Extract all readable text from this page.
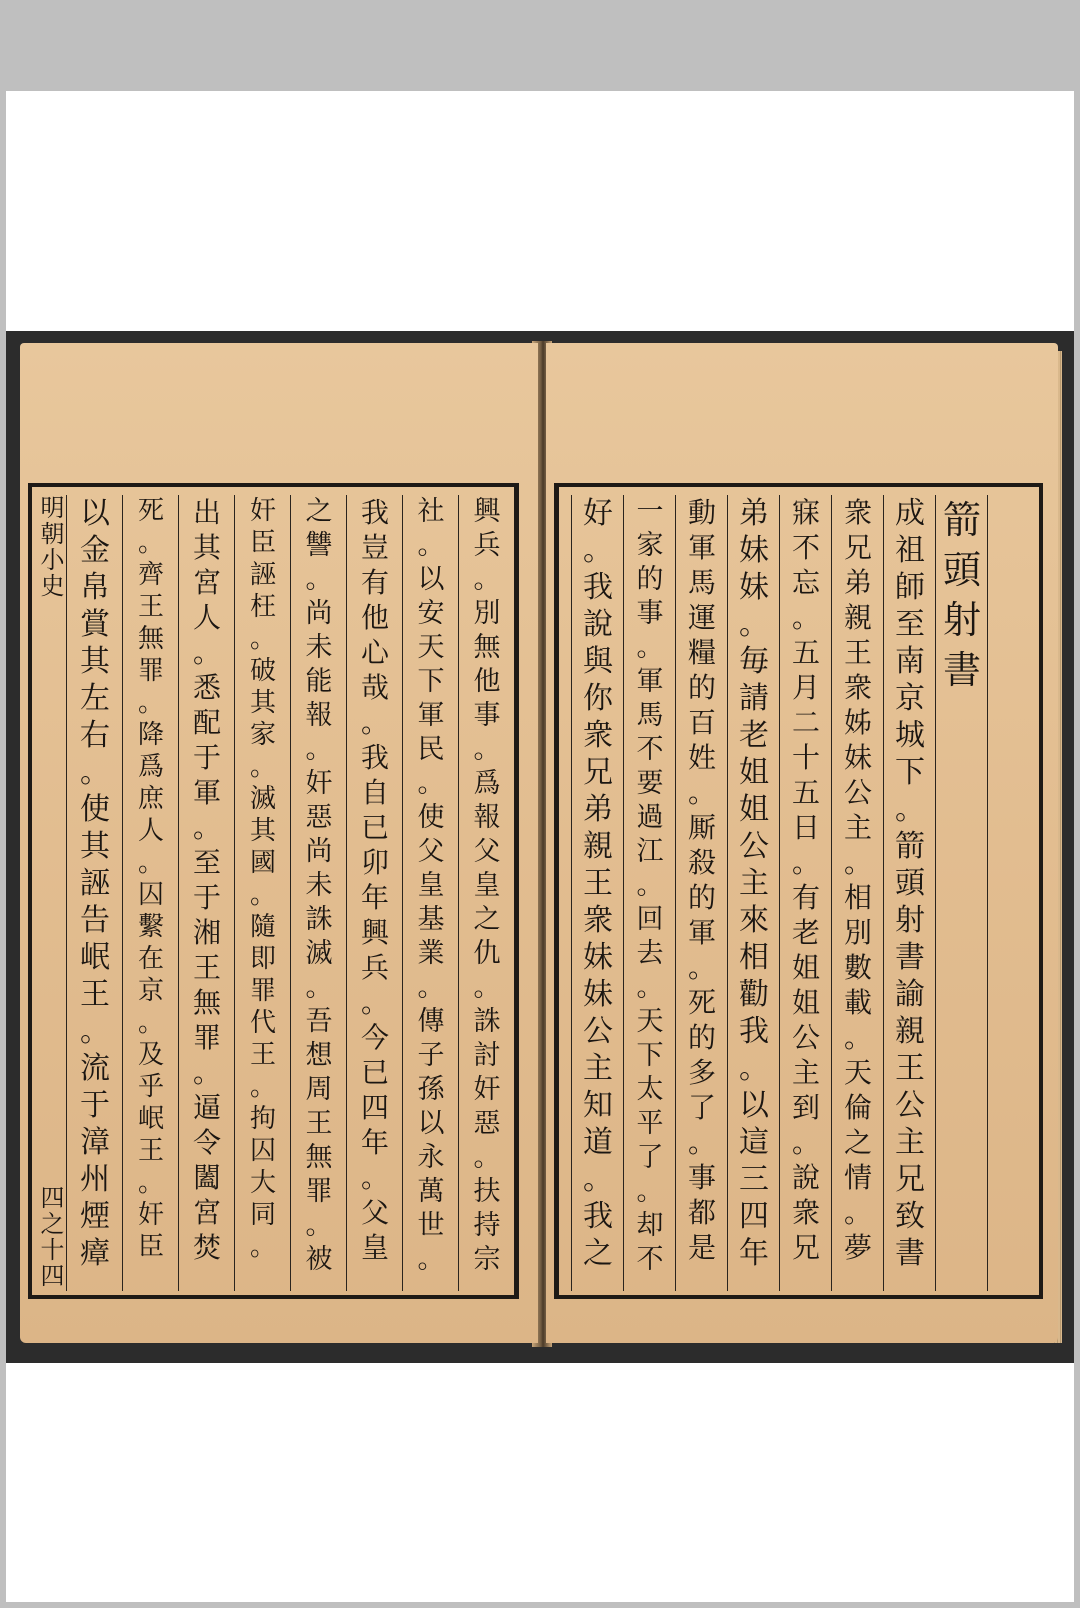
明朝小史
四之十四
興
兵
。
別
無
他
事
。
爲
報
父
皇
之
仇
。
誅
討
奸
惡
。
扶
持
宗
社
。
以
安
天
下
軍
民
。
使
父
皇
基
業
。
傳
子
孫
以
永
萬
世
。
我
豈
有
他
心
哉
。
我
自
已
卯
年
興
兵
。
今
已
四
年
。
父
皇
之
讐
。
尚
未
能
報
。
奸
惡
尚
未
誅
滅
。
吾
想
周
王
無
罪
。
被
奸
臣
誣
枉
。
破
其
家
。
滅
其
國
。
隨
即
罪
代
王
。
拘
囚
大
同
。
出
其
宮
人
。
悉
配
于
軍
。
至
于
湘
王
無
罪
。
逼
令
闔
宮
焚
死
。
齊
王
無
罪
。
降
爲
庶
人
。
囚
繫
在
京
。
及
乎
岷
王
。
奸
臣
以
金
帛
賞
其
左
右
。
使
其
誣
告
岷
王
。
流
于
漳
州
煙
瘴
箭
頭
射
書
成
祖
師
至
南
京
城
下
。
箭
頭
射
書
諭
親
王
公
主
兄
致
書
衆
兄
弟
親
王
衆
姊
妹
公
主
。
相
別
數
載
。
天
倫
之
情
。
夢
寐
不
忘
。
五
月
二
十
五
日
。
有
老
姐
姐
公
主
到
。
說
衆
兄
弟
妹
妹
。
毎
請
老
姐
姐
公
主
來
相
勸
我
。
以
這
三
四
年
動
軍
馬
運
糧
的
百
姓
。
厮
殺
的
軍
。
死
的
多
了
。
事
都
是
一
家
的
事
。
軍
馬
不
要
過
江
。
回
去
。
天
下
太
平
了
。
却
不
好
。
我
說
與
你
衆
兄
弟
親
王
衆
妹
妹
公
主
知
道
。
我
之
